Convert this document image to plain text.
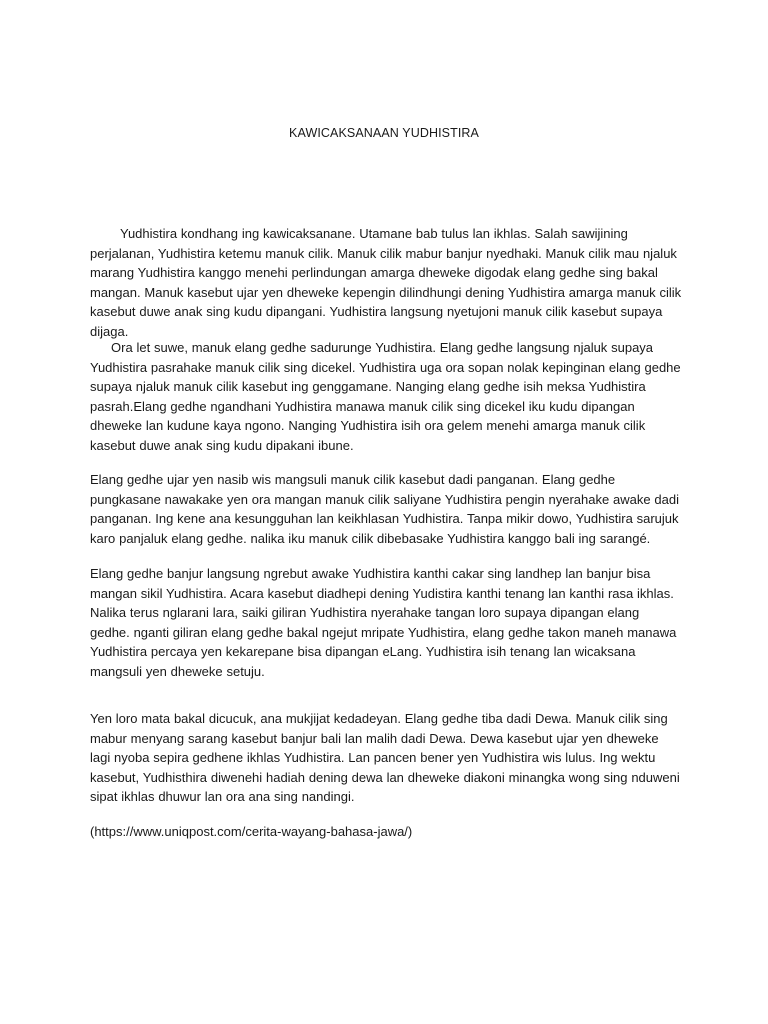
KAWICAKSANAAN YUDHISTIRA

Yudhistira kondhang ing kawicaksanane. Utamane bab tulus lan ikhlas. Salah sawijining perjalanan, Yudhistira ketemu manuk cilik. Manuk cilik mabur banjur nyedhaki. Manuk cilik mau njaluk marang Yudhistira kanggo menehi perlindungan amarga dheweke digodak elang gedhe sing bakal mangan. Manuk kasebut ujar yen dheweke kepengin dilindhungi dening Yudhistira amarga manuk cilik kasebut duwe anak sing kudu dipangani. Yudhistira langsung nyetujoni manuk cilik kasebut supaya dijaga.

Ora let suwe, manuk elang gedhe sadurunge Yudhistira. Elang gedhe langsung njaluk supaya Yudhistira pasrahake manuk cilik sing dicekel. Yudhistira uga ora sopan nolak kepinginan elang gedhe supaya njaluk manuk cilik kasebut ing genggamane. Nanging elang gedhe isih meksa Yudhistira pasrah.Elang gedhe ngandhani Yudhistira manawa manuk cilik sing dicekel iku kudu dipangan dheweke lan kudune kaya ngono. Nanging Yudhistira isih ora gelem menehi amarga manuk cilik kasebut duwe anak sing kudu dipakani ibune.

Elang gedhe ujar yen nasib wis mangsuli manuk cilik kasebut dadi panganan. Elang gedhe pungkasane nawakake yen ora mangan manuk cilik saliyane Yudhistira pengin nyerahake awake dadi panganan. Ing kene ana kesungguhan lan keikhlasan Yudhistira. Tanpa mikir dowo, Yudhistira sarujuk karo panjaluk elang gedhe. nalika iku manuk cilik dibebasake Yudhistira kanggo bali ing sarangé.

Elang gedhe banjur langsung ngrebut awake Yudhistira kanthi cakar sing landhep lan banjur bisa mangan sikil Yudhistira. Acara kasebut diadhepi dening Yudistira kanthi tenang lan kanthi rasa ikhlas. Nalika terus nglarani lara, saiki giliran Yudhistira nyerahake tangan loro supaya dipangan elang gedhe. nganti giliran elang gedhe bakal ngejut mripate Yudhistira, elang gedhe takon maneh manawa Yudhistira percaya yen kekarepane bisa dipangan eLang. Yudhistira isih tenang lan wicaksana mangsuli yen dheweke setuju.

Yen loro mata bakal dicucuk, ana mukjijat kedadeyan. Elang gedhe tiba dadi Dewa. Manuk cilik sing mabur menyang sarang kasebut banjur bali lan malih dadi Dewa. Dewa kasebut ujar yen dheweke lagi nyoba sepira gedhene ikhlas Yudhistira. Lan pancen bener yen Yudhistira wis lulus. Ing wektu kasebut, Yudhisthira diwenehi hadiah dening dewa lan dheweke diakoni minangka wong sing nduweni sipat ikhlas dhuwur lan ora ana sing nandingi.

(https://www.uniqpost.com/cerita-wayang-bahasa-jawa/)
